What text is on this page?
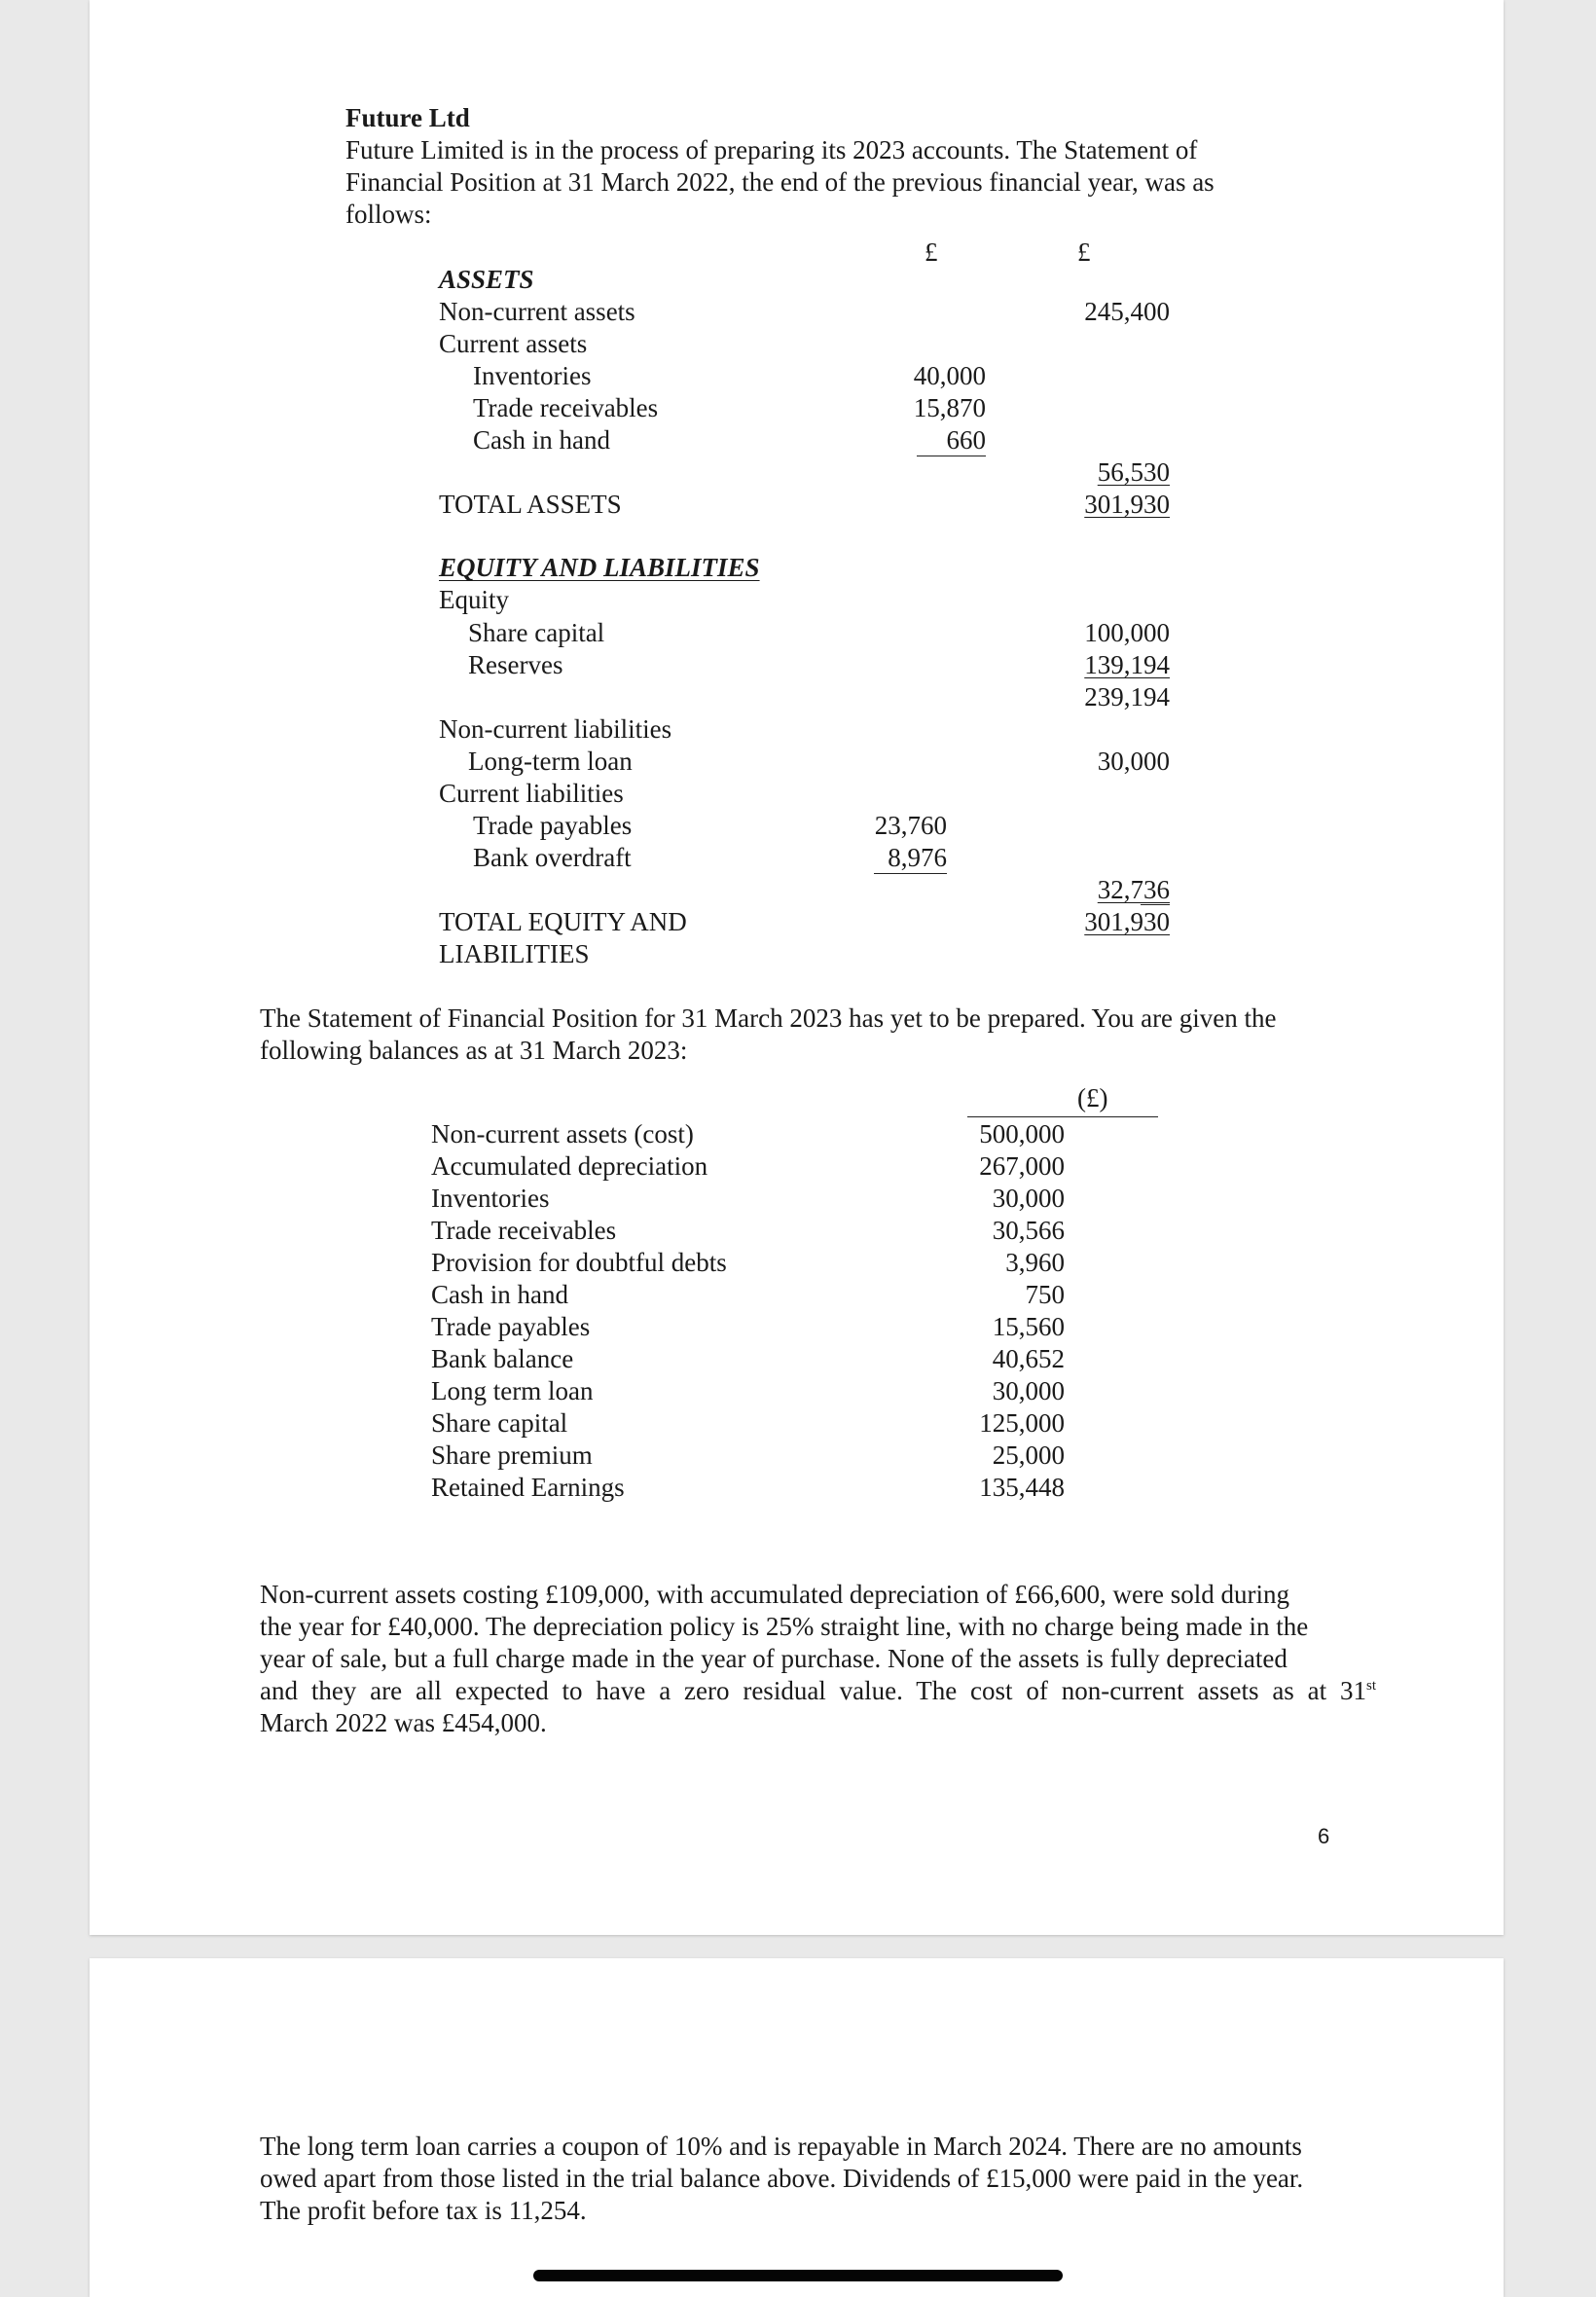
Future Ltd
Future Limited is in the process of preparing its 2023 accounts. The Statement of
Financial Position at 31 March 2022, the end of the previous financial year, was as
follows:
£	£
ASSETS
Non-current assets	245,400
Current assets
Inventories	40,000
Trade receivables	15,870
Cash in hand	660
56,530
TOTAL ASSETS	301,930
EQUITY AND LIABILITIES
Equity
Share capital	100,000
Reserves	139,194
239,194
Non-current liabilities
Long-term loan	30,000
Current liabilities
Trade payables	23,760
Bank overdraft	8,976
32,736
TOTAL EQUITY AND
LIABILITIES
301,930
The Statement of Financial Position for 31 March 2023 has yet to be prepared. You are given the
following balances as at 31 March 2023:
(£)
Non-current assets (cost)	500,000
Accumulated depreciation	267,000
Inventories	30,000
Trade receivables	30,566
Provision for doubtful debts	3,960
Cash in hand	750
Trade payables	15,560
Bank balance	40,652
Long term loan	30,000
Share capital	125,000
Share premium	25,000
Retained Earnings	135,448
Non-current assets costing £109,000, with accumulated depreciation of £66,600, were sold during
the year for £40,000. The depreciation policy is 25% straight line, with no charge being made in the
year of sale, but a full charge made in the year of purchase. None of the assets is fully depreciated
and they are all expected to have a zero residual value. The cost of non-current assets as at 31st
March 2022 was £454,000.
6
The long term loan carries a coupon of 10% and is repayable in March 2024. There are no amounts
owed apart from those listed in the trial balance above. Dividends of £15,000 were paid in the year.
The profit before tax is 11,254.
